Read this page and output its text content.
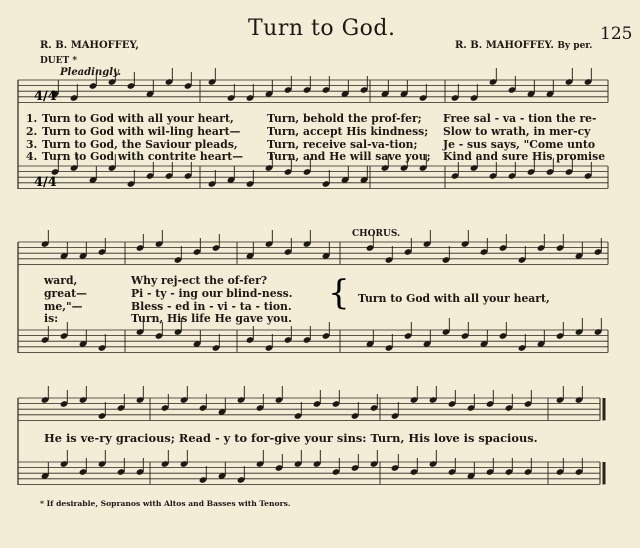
4/4
4/4
{
Turn to God.	125
R. B. MAHOFFEY,	R. B. MAHOFFEY. By per.
DUET *
Pleadingly.
1.
2.
3.
4.
Turn to God with all your heart,
Turn to God with wil-ling heart—
Turn to God, the Saviour pleads,
Turn to God with contrite heart—
Turn, behold the prof-fer;
Turn, accept His kindness;
Turn, receive sal-va-tion;
Turn, and He will save you;
Free sal - va - tion the re-
Slow to wrath, in mer-cy
Je - sus says, "Come unto
Kind and sure His promise
ward,
great—
me,"—
is:
Why rej-ect the of-fer?
Pi - ty - ing our blind-ness.
Bless - ed in - vi - ta - tion.
Turn, His life He gave you.
CHORUS.
Turn to God with all your heart,
He is ve-ry gracious; Read - y to for-give your sins: Turn, His love is spacious.
* If desirable, Sopranos with Altos and Basses with Tenors.
